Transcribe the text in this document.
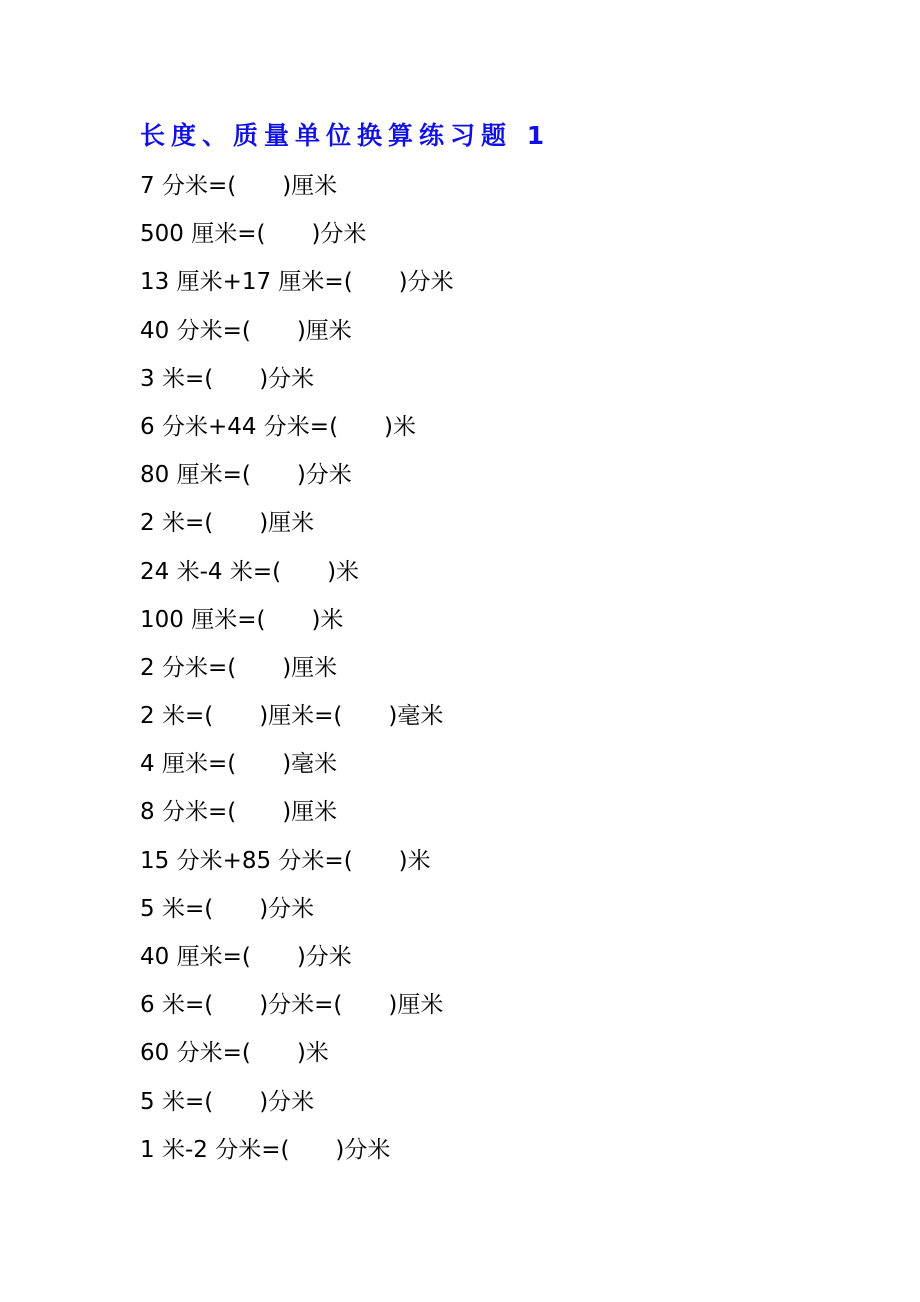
长度、质量单位换算练习题 1
7 分米=(　　)厘米
500 厘米=(　　)分米
13 厘米+17 厘米=(　　)分米
40 分米=(　　)厘米
3 米=(　　)分米
6 分米+44 分米=(　　)米
80 厘米=(　　)分米
2 米=(　　)厘米
24 米-4 米=(　　)米
100 厘米=(　　)米
2 分米=(　　)厘米
2 米=(　　)厘米=(　　)毫米
4 厘米=(　　)毫米
8 分米=(　　)厘米
15 分米+85 分米=(　　)米
5 米=(　　)分米
40 厘米=(　　)分米
6 米=(　　)分米=(　　)厘米
60 分米=(　　)米
5 米=(　　)分米
1 米-2 分米=(　　)分米
